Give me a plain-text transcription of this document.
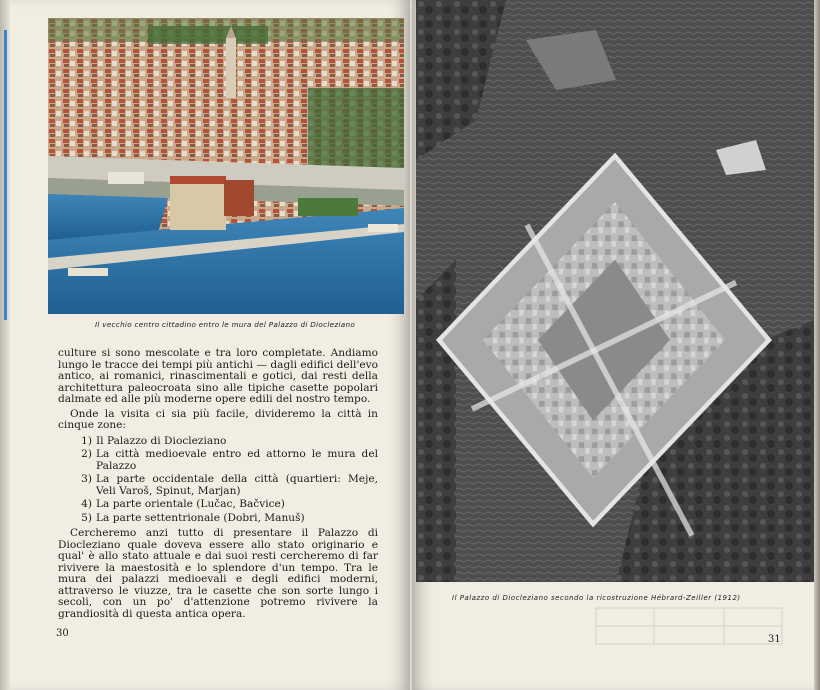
Il vecchio centro cittadino entro le mura del Palazzo di Diocleziano

culture si sono mescolate e tra loro completate. Andiamo lungo le tracce dei tempi più antichi — dagli edifici dell'evo antico, ai romanici, rinascimentali e gotici, dai resti della architettura paleocroata sino alle tipiche casette popolari dalmate ed alle più moderne opere edili del nostro tempo.

Onde la visita ci sia più facile, divideremo la città in cinque zone:

1) Il Palazzo di Diocleziano
2) La città medioevale entro ed attorno le mura del Palazzo
3) La parte occidentale della città (quartieri: Meje, Veli Varoš, Spinut, Marjan)
4) La parte orientale (Lučac, Bačvice)
5) La parte settentrionale (Dobri, Manuš)

Cercheremo anzi tutto di presentare il Palazzo di Diocleziano quale doveva essere allo stato originario e qual' è allo stato attuale e dai suoi resti cercheremo di far rivivere la maestosità e lo splendore d'un tempo. Tra le mura dei palazzi medioevali e degli edifici moderni, attraverso le viuzze, tra le casette che son sorte lungo i secoli, con un po' d'attenzione potremo rivivere la grandiosità di questa antica opera.

30
Il Palazzo di Diocleziano secondo la ricostruzione Hébrard-Zeiller (1912)
31
